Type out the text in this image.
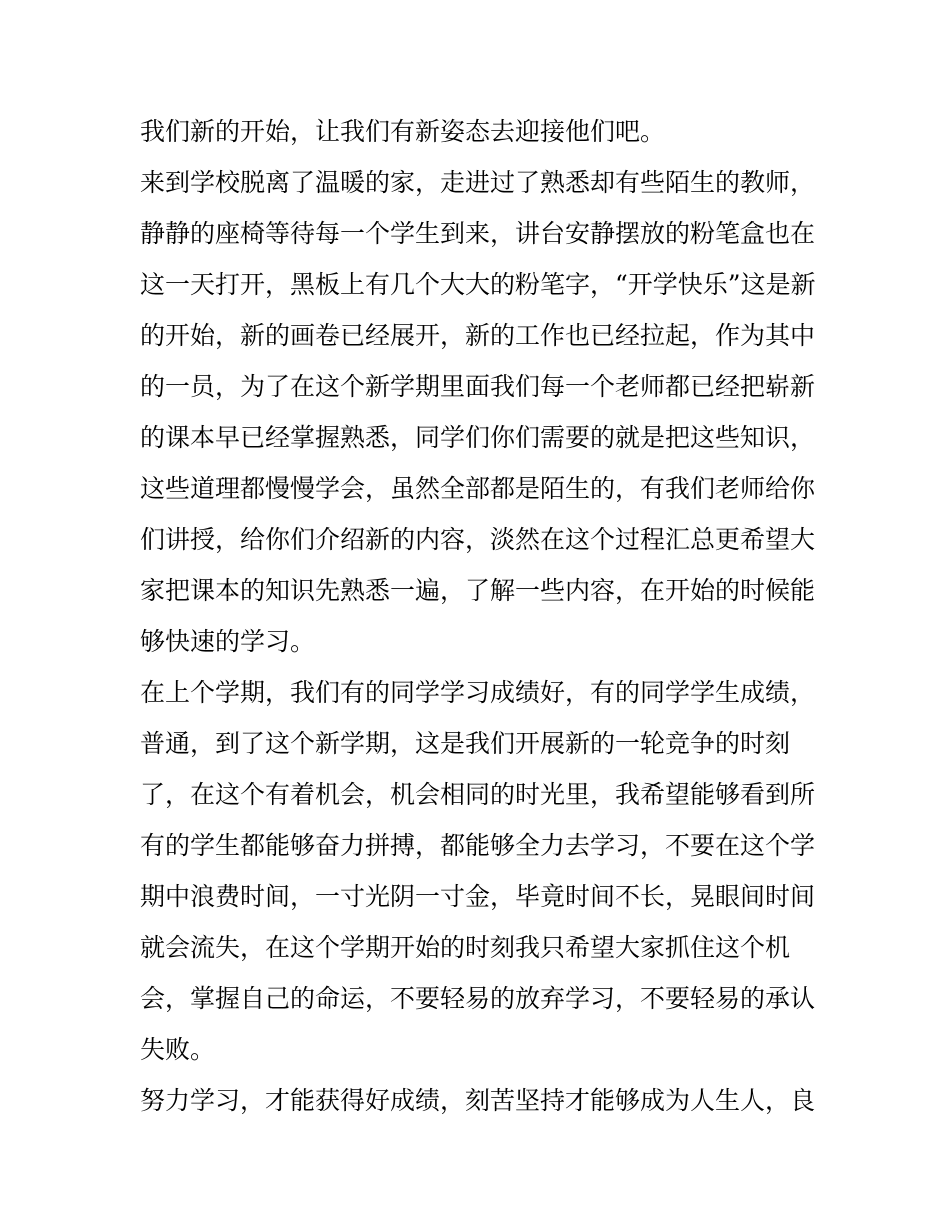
我们新的开始，让我们有新姿态去迎接他们吧。
来到学校脱离了温暖的家，走进过了熟悉却有些陌生的教师，
静静的座椅等待每一个学生到来，讲台安静摆放的粉笔盒也在
这一天打开，黑板上有几个大大的粉笔字，“开学快乐”这是新
的开始，新的画卷已经展开，新的工作也已经拉起，作为其中
的一员，为了在这个新学期里面我们每一个老师都已经把崭新
的课本早已经掌握熟悉，同学们你们需要的就是把这些知识，
这些道理都慢慢学会，虽然全部都是陌生的，有我们老师给你
们讲授，给你们介绍新的内容，淡然在这个过程汇总更希望大
家把课本的知识先熟悉一遍，了解一些内容，在开始的时候能
够快速的学习。
在上个学期，我们有的同学学习成绩好，有的同学学生成绩，
普通，到了这个新学期，这是我们开展新的一轮竞争的时刻
了，在这个有着机会，机会相同的时光里，我希望能够看到所
有的学生都能够奋力拼搏，都能够全力去学习，不要在这个学
期中浪费时间，一寸光阴一寸金，毕竟时间不长，晃眼间时间
就会流失，在这个学期开始的时刻我只希望大家抓住这个机
会，掌握自己的命运，不要轻易的放弃学习，不要轻易的承认
失败。
努力学习，才能获得好成绩，刻苦坚持才能够成为人生人，良
